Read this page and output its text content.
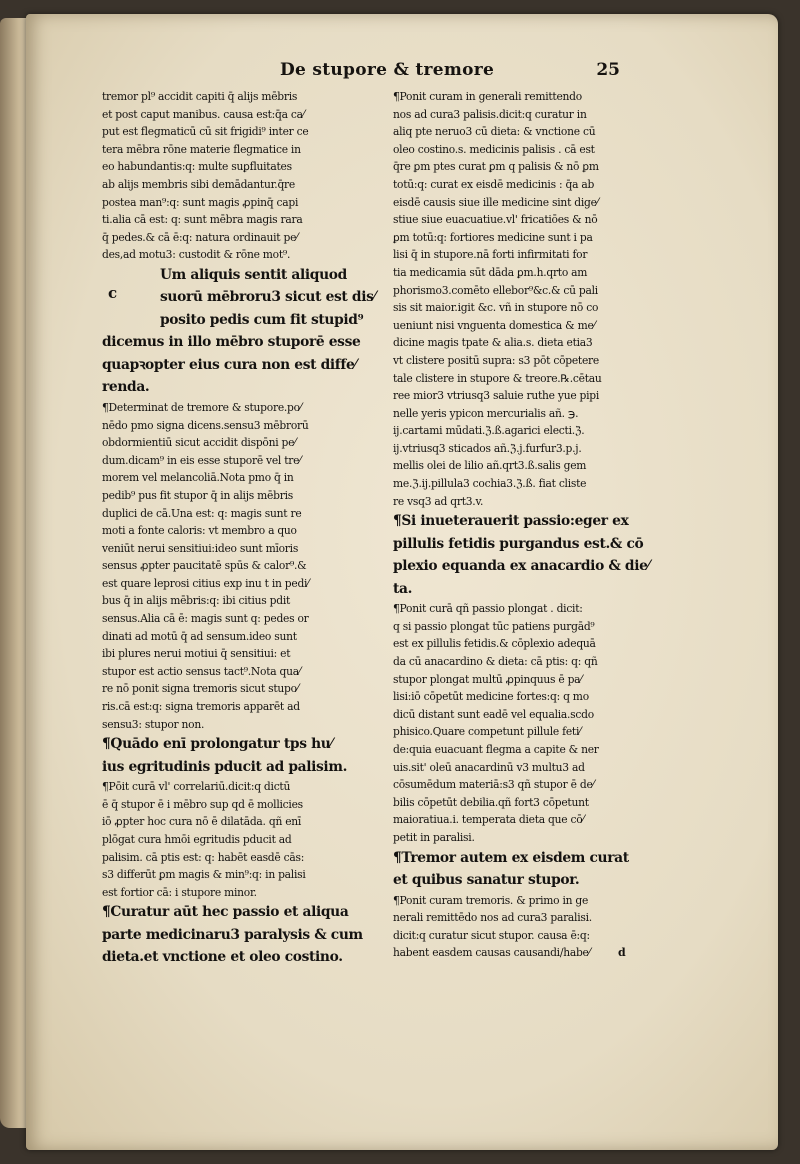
De stupore & tremore	25
tremor pl⁹ accidit capiti q̄ alijs mēbris
et post caput manibus. causa est:q̄a ca⁄
put est flegmaticū cū sit frigidi⁹ inter ce
tera mēbra rōne materie flegmatice in
eo habundantis:q: multe suꝑfluitates
ab alijs membris sibi demādantur.q̄re
postea man⁹:q: sunt magis ꝓpinq̄ capi
ti.alia cā est: q: sunt mēbra magis rara
q̄ pedes.& cā ē:q: natura ordinauit pe⁄
des,ad motu3: custodit & rōne mot⁹.
c
Um aliquis sentit aliquod
suorū mēbroru3 sicut est dis⁄
posito pedis cum fit stupid⁹
dicemus in illo mēbro stuporē esse
quapꝛopter eius cura non est diffe⁄
renda.
¶Determinat de tremore & stupore.po⁄
nēdo pmo signa dicens.sensu3 mēbrorū
obdormientiū sicut accidit dispōni pe⁄
dum.dicam⁹ in eis esse stuporē vel tre⁄
morem vel melancoliā.Nota pmo q̄ in
pedib⁹ pus fit stupor q̄ in alijs mēbris
duplici de cā.Una est: q: magis sunt re
moti a fonte caloris: vt membro a quo
veniūt nerui sensitiui:ideo sunt mīoris
sensus ꝓpter paucitatē spūs & calor⁹.&
est quare leprosi citius exp inu t in pedi⁄
bus q̄ in alijs mēbris:q: ibi citius pdit
sensus.Alia cā ē: magis sunt q: pedes or
dinati ad motū q̄ ad sensum.ideo sunt
ibi plures nerui motiui q̄ sensitiui: et
stupor est actio sensus tact⁹.Nota qua⁄
re nō ponit signa tremoris sicut stupo⁄
ris.cā est:q: signa tremoris apparēt ad
sensu3: stupor non.
¶Quādo enī prolongatur tps hu⁄
ius egritudinis pducit ad palisim.
¶Pōit curā vl' correlariū.dicit:q dictū
ē q̄ stupor ē i mēbro sup qd ē mollicies
iō ꝓpter hoc cura nō ē dilatāda. qñ enī
plōgat cura hmōi egritudis pducit ad
palisim. cā ptis est: q: habēt easdē cās:
s3 differūt ꝑm magis & min⁹:q: in palisi
est fortior cā: i stupore minor.
¶Curatur aūt hec passio et aliqua
parte medicinaru3 paralysis & cum
dieta.et vnctione et oleo costino.
¶Ponit curam in generali remittendo
nos ad cura3 palisis.dicit:q curatur in
aliq pte neruo3 cū dieta: & vnctione cū
oleo costino.s. medicinis palisis . cā est
q̄re ꝑm ptes curat ꝑm q palisis & nō ꝑm
totū:q: curat ex eisdē medicinis : q̄a ab
eisdē causis siue ille medicine sint dige⁄
stiue siue euacuatiue.vl' fricatiōes & nō
ꝑm totū:q: fortiores medicine sunt i pa
lisi q̄ in stupore.nā forti infirmitati for
tia medicamia sūt dāda ꝑm.h.qrto am
phorismo3.comēto ellebor⁹&c.& cū pali
sis sit maior.igit &c. vñ in stupore nō co
ueniunt nisi vnguenta domestica & me⁄
dicine magis tpate & alia.s. dieta etia3
vt clistere positū supra: s3 pōt cōpetere
tale clistere in stupore & treore.℞.cētau
ree mior3 vtriusq3 saluie ruthe yue pipi
nelle yeris ypicon mercurialis añ. ℈.
ij.cartami mūdati.ℨ.ß.agarici electi.ℨ.
ij.vtriusq3 sticados añ.ℨ.j.furfur3.p.j.
mellis olei de lilio añ.qrt3.ß.salis gem
me.ℨ.ij.pillula3 cochia3.ℨ.ß. fiat cliste
re vsq3 ad qrt3.v.
¶Si inueterauerit passio:eger ex
pillulis fetidis purgandus est.& cō
plexio equanda ex anacardio & die⁄
ta.
¶Ponit curā qñ passio plongat . dicit:
q si passio plongat tūc patiens purgād⁹
est ex pillulis fetidis.& cōplexio adequā
da cū anacardino & dieta: cā ptis: q: qñ
stupor plongat multū ꝓpinquus ē pa⁄
lisi:iō cōpetūt medicine fortes:q: q mo
dicū distant sunt eadē vel equalia.scdo
phisico.Quare competunt pillule feti⁄
de:quia euacuant flegma a capite & ner
uis.sit' oleū anacardinū v3 multu3 ad
cōsumēdum materiā:s3 qñ stupor ē de⁄
bilis cōpetūt debilia.qñ fort3 cōpetunt
maioratiua.i. temperata dieta que cō⁄
petit in paralisi.
¶Tremor autem ex eisdem curat
et quibus sanatur stupor.
¶Ponit curam tremoris. & primo in ge
nerali remittēdo nos ad cura3 paralisi.
dicit:q curatur sicut stupor. causa ē:q:
habent easdem causas causandi/habe⁄	d
